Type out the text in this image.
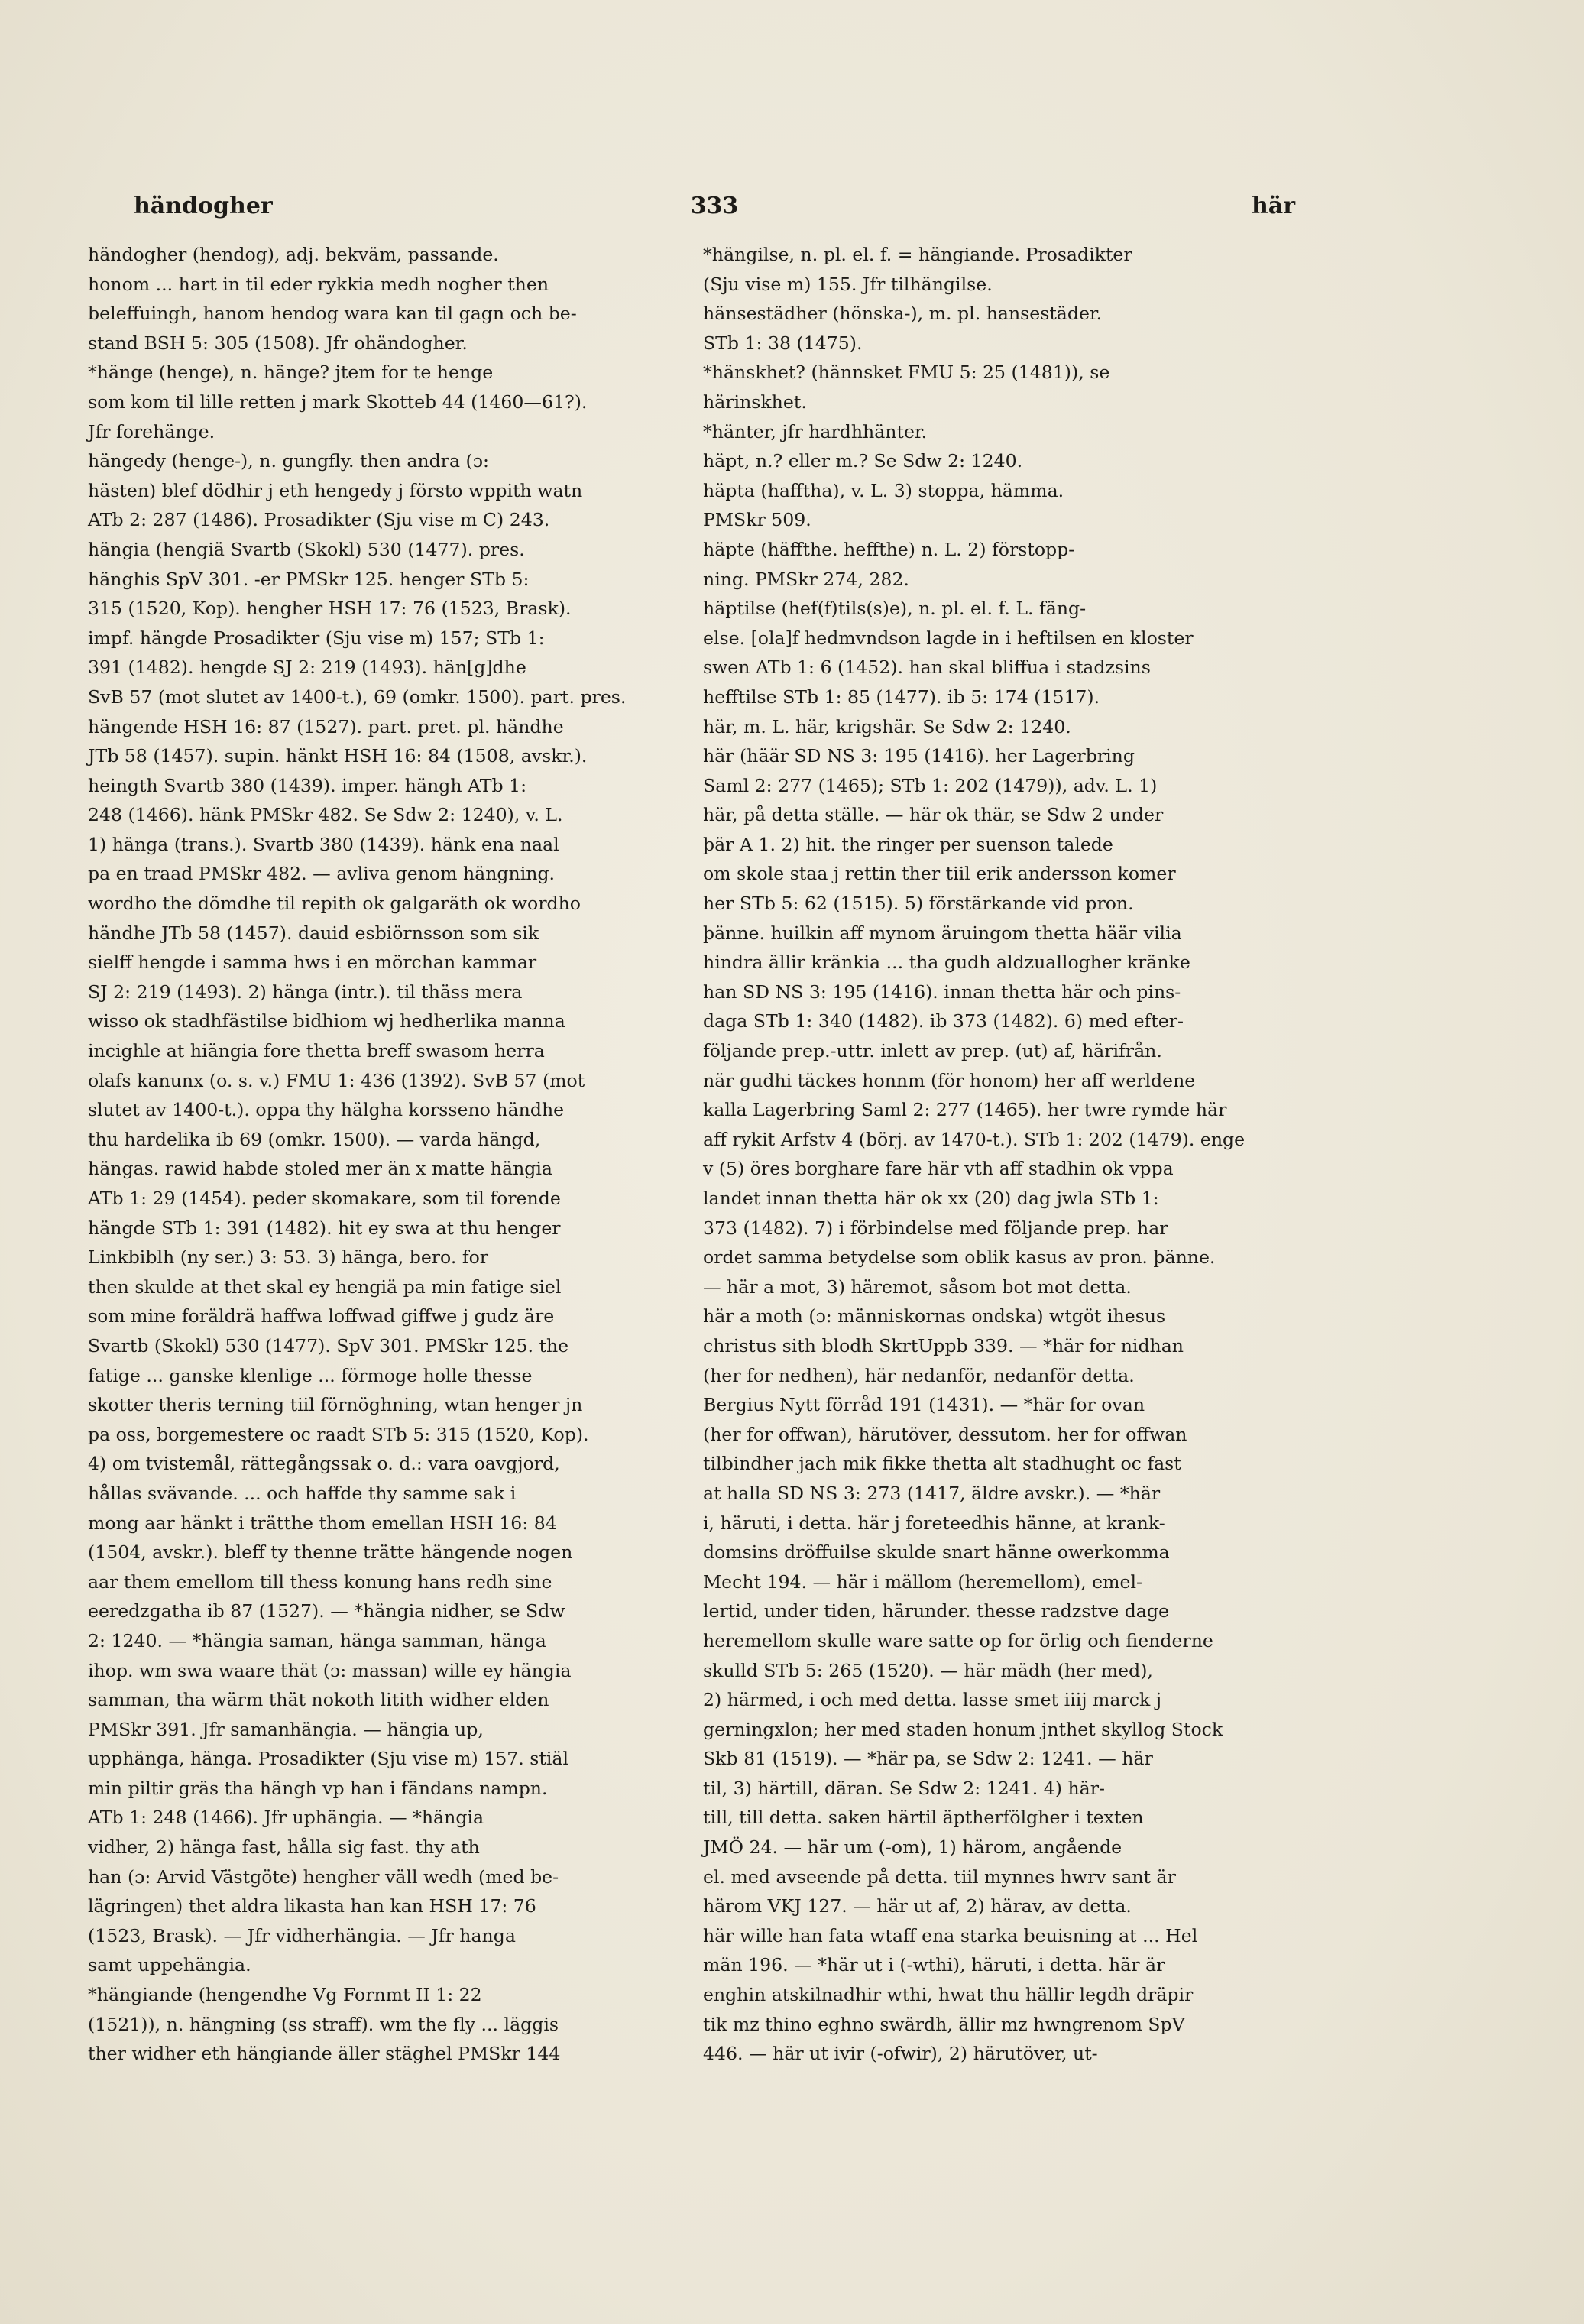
händogher	333	här

händogher (hendog), adj. bekväm, passande.

honom ... hart in til eder rykkia medh nogher then

beleffuingh, hanom hendog wara kan til gagn och be-

stand BSH 5: 305 (1508). Jfr ohändogher.

*hänge (henge), n. hänge? jtem for te henge

som kom til lille retten j mark Skotteb 44 (1460—61?).

Jfr forehänge.

hängedy (henge-), n. gungfly. then andra (ɔ:

hästen) blef dödhir j eth hengedy j förstо wppith watn

ATb 2: 287 (1486). Prosadikter (Sju vise m C) 243.

hängia (hengiä Svartb (Skokl) 530 (1477). pres.

hänghis SpV 301. -er PMSkr 125. henger STb 5:

315 (1520, Kop). hengher HSH 17: 76 (1523, Brask).

impf. hängde Prosadikter (Sju vise m) 157; STb 1:

391 (1482). hengde SJ 2: 219 (1493). hän[g]dhe

SvB 57 (mot slutet av 1400-t.), 69 (omkr. 1500). part. pres.

hängende HSH 16: 87 (1527). part. pret. pl. händhe

JTb 58 (1457). supin. hänkt HSH 16: 84 (1508, avskr.).

heingth Svartb 380 (1439). imper. hängh ATb 1:

248 (1466). hänk PMSkr 482. Se Sdw 2: 1240), v. L.

1) hänga (trans.). Svartb 380 (1439). hänk ena naal

pa en traad PMSkr 482. — avliva genom hängning.

wordho the dömdhe til repith ok galgaräth ok wordho

händhe JTb 58 (1457). dauid esbiörnsson som sik

sielff hengde i samma hws i en mörchan kammar

SJ 2: 219 (1493). 2) hänga (intr.). til thäss mera

wisso ok stadhfästilse bidhiom wj hedherlika manna

incighle at hiängia fore thetta breff swasom herra

olafs kanunx (o. s. v.) FMU 1: 436 (1392). SvB 57 (mot

slutet av 1400-t.). oppa thy hälgha korsseno händhe

thu hardelika ib 69 (omkr. 1500). — varda hängd,

hängas. rawid habde stoled mer än x matte hängia

ATb 1: 29 (1454). peder skomakare, som til forende

hängde STb 1: 391 (1482). hit ey swa at thu henger

Linkbiblh (ny ser.) 3: 53. 3) hänga, bero. for

then skulde at thet skal ey hengiä pa min fatige siel

som mine foräldrä haffwa loffwad giffwe j gudz äre

Svartb (Skokl) 530 (1477). SpV 301. PMSkr 125. the

fatige ... ganske klenlige ... förmoge holle thesse

skotter theris terning tiil förnöghning, wtan henger jn

pa oss, borgemestere oc raadt STb 5: 315 (1520, Kop).

4) om tvistemål, rättegångssak o. d.: vara oavgjord,

hållas svävande. ... och haffde thy samme sak i

mong aar hänkt i trätthe thom emellan HSH 16: 84

(1504, avskr.). bleff ty thenne trätte hängende nogen

aar them emellom till thess konung hans redh sine

eeredzgatha ib 87 (1527). — *hängia nidher, se Sdw

2: 1240. — *hängia saman, hänga samman, hänga

ihop. wm swa waare thät (ɔ: massan) wille ey hängia

samman, tha wärm thät nokoth litith widher elden

PMSkr 391. Jfr samanhängia. — hängia up,

upphänga, hänga. Prosadikter (Sju vise m) 157. stiäl

min piltir gräs tha hängh vp han i fändans nampn.

ATb 1: 248 (1466). Jfr uphängia. — *hängia

vidher, 2) hänga fast, hålla sig fast. thy ath

han (ɔ: Arvid Västgöte) hengher väll wedh (med be-

lägringen) thet aldra likasta han kan HSH 17: 76

(1523, Brask). — Jfr vidherhängia. — Jfr hanga

samt uppehängia.

*hängiande (hengendhe Vg Fornmt II 1: 22

(1521)), n. hängning (ss straff). wm the fly ... läggis

ther widher eth hängiande äller stäghel PMSkr 144

*hängilse, n. pl. el. f. = hängiande. Prosadikter

(Sju vise m) 155. Jfr tilhängilse.

hänsestädher (hönska-), m. pl. hansestäder.

STb 1: 38 (1475).

*hänskhet? (hännsket FMU 5: 25 (1481)), se

härinskhet.

*hänter, jfr hardhhänter.

häpt, n.? eller m.? Se Sdw 2: 1240.

häpta (hafftha), v. L. 3) stoppa, hämma.

PMSkr 509.

häpte (häffthe. heffthe) n. L. 2) förstopp-

ning. PMSkr 274, 282.

häptilse (hef(f)tils(s)e), n. pl. el. f. L. fäng-

else. [ola]f hedmvndson lagde in i heftilsen en kloster

swen ATb 1: 6 (1452). han skal bliffua i stadzsins

hefftilse STb 1: 85 (1477). ib 5: 174 (1517).

här, m. L. här, krigshär. Se Sdw 2: 1240.

här (häär SD NS 3: 195 (1416). her Lagerbring

Saml 2: 277 (1465); STb 1: 202 (1479)), adv. L. 1)

här, på detta ställe. — här ok thär, se Sdw 2 under

þär A 1. 2) hit. the ringer per suenson talede

om skole staa j rettin ther tiil erik andersson komer

her STb 5: 62 (1515). 5) förstärkande vid pron.

þänne. huilkin aff mynom äruingom thetta hääг vilia

hindra ällir kränkia ... tha gudh aldzuallogher kränke

han SD NS 3: 195 (1416). innan thetta här och pins-

daga STb 1: 340 (1482). ib 373 (1482). 6) med efter-

följande prep.-uttr. inlett av prep. (ut) af, härifrån.

när gudhi täckes honnm (för honom) her aff werldene

kalla Lagerbring Saml 2: 277 (1465). her twre rymde här

aff rykit Arfstv 4 (börj. av 1470-t.). STb 1: 202 (1479). enge

v (5) öres borghare fare här vth aff stadhin ok vppa

landet innan thetta här ok xx (20) dag jwla STb 1:

373 (1482). 7) i förbindelse med följande prep. har

ordet samma betydelse som oblik kasus av pron. þänne.

— här a mot, 3) häremot, såsom bot mot detta.

här a moth (ɔ: människornas ondska) wtgöt ihesus

christus sith blodh SkrtUppb 339. — *här for nidhan

(her for nedhen), här nedanför, nedanför detta.

Bergius Nytt förråd 191 (1431). — *här for ovan

(her for offwan), härutöver, dessutom. her for offwan

tilbindher jach mik fikke thetta alt stadhught oc fast

at halla SD NS 3: 273 (1417, äldre avskr.). — *här

i, häruti, i detta. här j foreteedhis hänne, at krank-

domsins dröffuilse skulde snart hänne owerkomma

Mecht 194. — här i mällom (heremellom), emel-

lertid, under tiden, härunder. thesse radzstve dage

heremellom skulle ware satte op for örlig och fienderne

skulld STb 5: 265 (1520). — här mädh (her med),

2) härmed, i och med detta. lasse smet iiij marck j

gerningxlon; her med staden honum jnthet skyllog Stock

Skb 81 (1519). — *här pa, se Sdw 2: 1241. — här

til, 3) härtill, däran. Se Sdw 2: 1241. 4) här-

till, till detta. saken härtil äptherfölgher i texten

JMÖ 24. — här um (-om), 1) härom, angående

el. med avseende på detta. tiil mynnes hwrv sant är

härom VKJ 127. — här ut af, 2) härav, av detta.

här wille han fata wtaff ena starka beuisning at ... Hel

män 196. — *här ut i (-wthi), häruti, i detta. här är

enghin atskilnadhir wthi, hwat thu hällir legdh dräpir

tik mz thino eghno swärdh, ällir mz hwngrenom SpV

446. — här ut ivir (-ofwir), 2) härutöver, ut-
